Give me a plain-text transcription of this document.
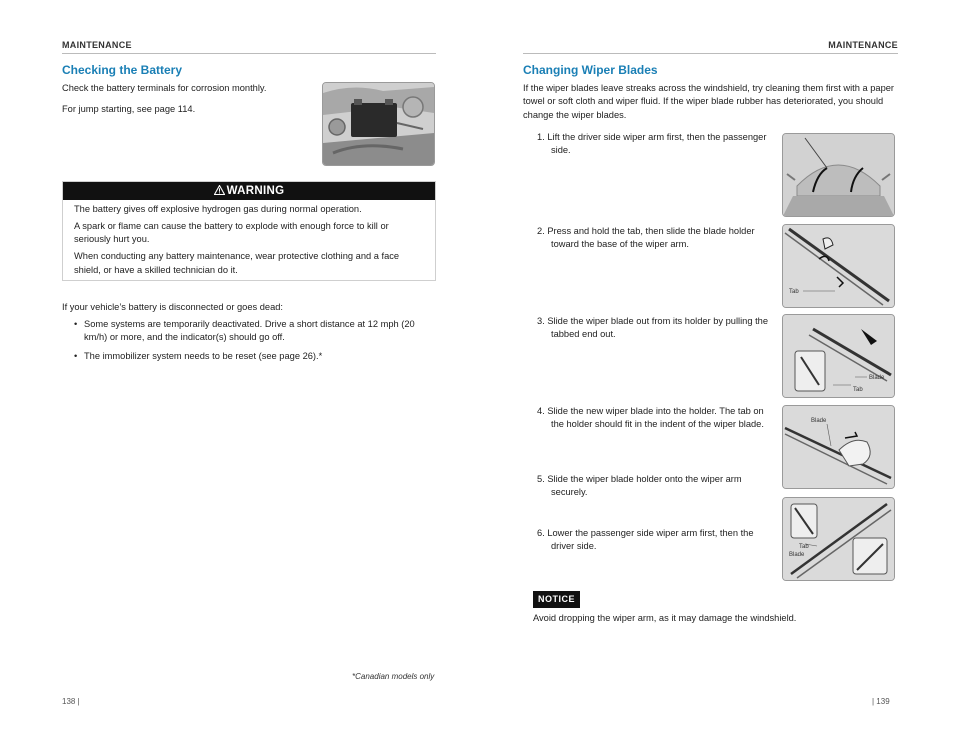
MAINTENANCE
Checking the Battery

Check the battery terminals for corrosion monthly.

For jump starting, see page 114.

WARNING

The battery gives off explosive hydrogen gas during normal operation.

A spark or flame can cause the battery to explode with enough force to kill or seriously hurt you.

When conducting any battery maintenance, wear protective clothing and a face shield, or have a skilled technician do it.

If your vehicle’s battery is disconnected or goes dead:

• Some systems are temporarily deactivated. Drive a short distance at 12 mph (20 km/h) or more, and the indicator(s) should go off.
• The immobilizer system needs to be reset (see page 26).*
*Canadian models only
138 |
MAINTENANCE
Changing Wiper Blades

If the wiper blades leave streaks across the windshield, try cleaning them first with a paper towel or soft cloth and wiper fluid. If the wiper blade rubber has deteriorated, you should change the wiper blades.

1. Lift the driver side wiper arm first, then the passenger side.

2. Press and hold the tab, then slide the blade holder toward the base of the wiper arm.

3. Slide the wiper blade out from its holder by pulling the tabbed end out.

4. Slide the new wiper blade into the holder. The tab on the holder should fit in the indent of the wiper blade.

5. Slide the wiper blade holder onto the wiper arm securely.

6. Lower the passenger side wiper arm first, then the driver side.

Tab
Blade
Tab
Blade
Tab
Blade
NOTICE
Avoid dropping the wiper arm, as it may damage the windshield.
| 139
